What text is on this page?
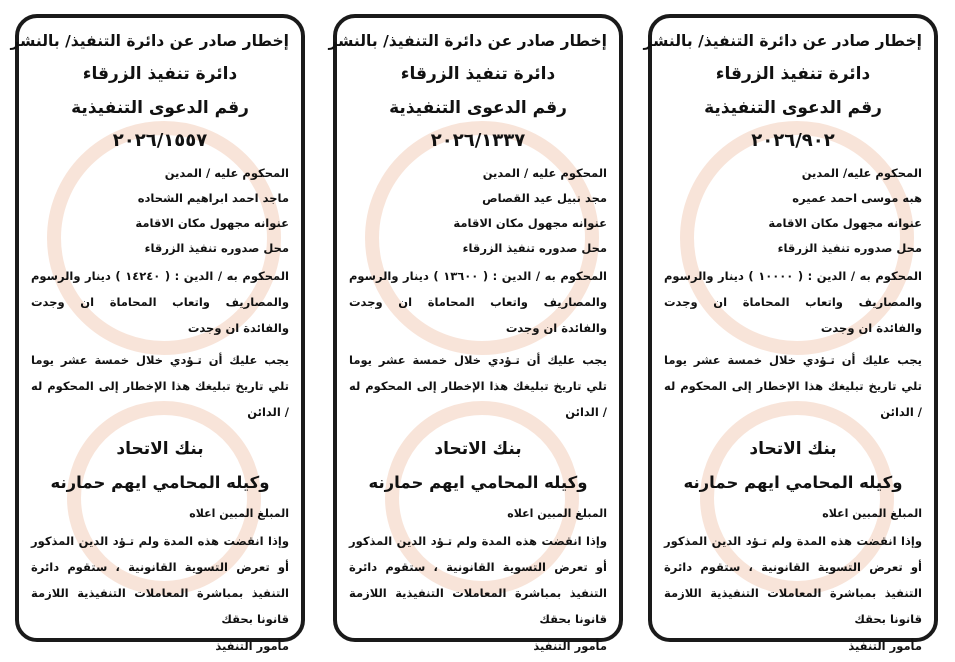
إخطار صادر عن دائرة التنفيذ/ بالنشر
دائرة تنفيذ الزرقاء
رقم الدعوى التنفيذية
٢٠٢٦/٩٠٢
المحكوم عليه/ المدين
هبه موسى احمد عميره
عنوانه مجهول مكان الاقامة
محل صدوره تنفيذ الزرقاء
المحكوم به / الدين : ( ١٠٠٠٠ ) دينار والرسوم والمصاريف واتعاب المحاماة ان وجدت والفائدة ان وجدت
يجب عليك أن تـؤدي خلال خمسة عشر يوما تلي تاريخ تبليغك هذا الإخطار إلى المحكوم له / الدائن
بنك الاتحاد
وكيله المحامي ايهم حمارنه
المبلغ المبين اعلاه
وإذا انقضت هذه المدة ولم تـؤد الدين المذكور أو تعرض التسوية القانونية ، ستقوم دائرة التنفيذ بمباشرة المعاملات التنفيذية اللازمة قانونا بحقك
مأمور التنفيذ
إخطار صادر عن دائرة التنفيذ/ بالنشر
دائرة تنفيذ الزرقاء
رقم الدعوى التنفيذية
٢٠٢٦/١٣٣٧
المحكوم عليه / المدين
مجد نبيل عيد القصاص
عنوانه مجهول مكان الاقامة
محل صدوره تنفيذ الزرقاء
المحكوم به / الدين : ( ١٣٦٠٠ ) دينار والرسوم والمصاريف واتعاب المحاماة ان وجدت والفائدة ان وجدت
يجب عليك أن تـؤدي خلال خمسة عشر يوما تلي تاريخ تبليغك هذا الإخطار إلى المحكوم له / الدائن
بنك الاتحاد
وكيله المحامي ايهم حمارنه
المبلغ المبين اعلاه
وإذا انقضت هذه المدة ولم تـؤد الدين المذكور أو تعرض التسوية القانونية ، ستقوم دائرة التنفيذ بمباشرة المعاملات التنفيذية اللازمة قانونا بحقك
مأمور التنفيذ
إخطار صادر عن دائرة التنفيذ/ بالنشر
دائرة تنفيذ الزرقاء
رقم الدعوى التنفيذية
٢٠٢٦/١٥٥٧
المحكوم عليه / المدين
ماجد احمد ابراهيم الشحاده
عنوانه مجهول مكان الاقامة
محل صدوره تنفيذ الزرقاء
المحكوم به / الدين : ( ١٤٢٤٠ ) دينار والرسوم والمصاريف واتعاب المحاماة ان وجدت والفائدة ان وجدت
يجب عليك أن تـؤدي خلال خمسة عشر يوما تلي تاريخ تبليغك هذا الإخطار إلى المحكوم له / الدائن
بنك الاتحاد
وكيله المحامي ايهم حمارنه
المبلغ المبين اعلاه
وإذا انقضت هذه المدة ولم تـؤد الدين المذكور أو تعرض التسوية القانونية ، ستقوم دائرة التنفيذ بمباشرة المعاملات التنفيذية اللازمة قانونا بحقك
مأمور التنفيذ
